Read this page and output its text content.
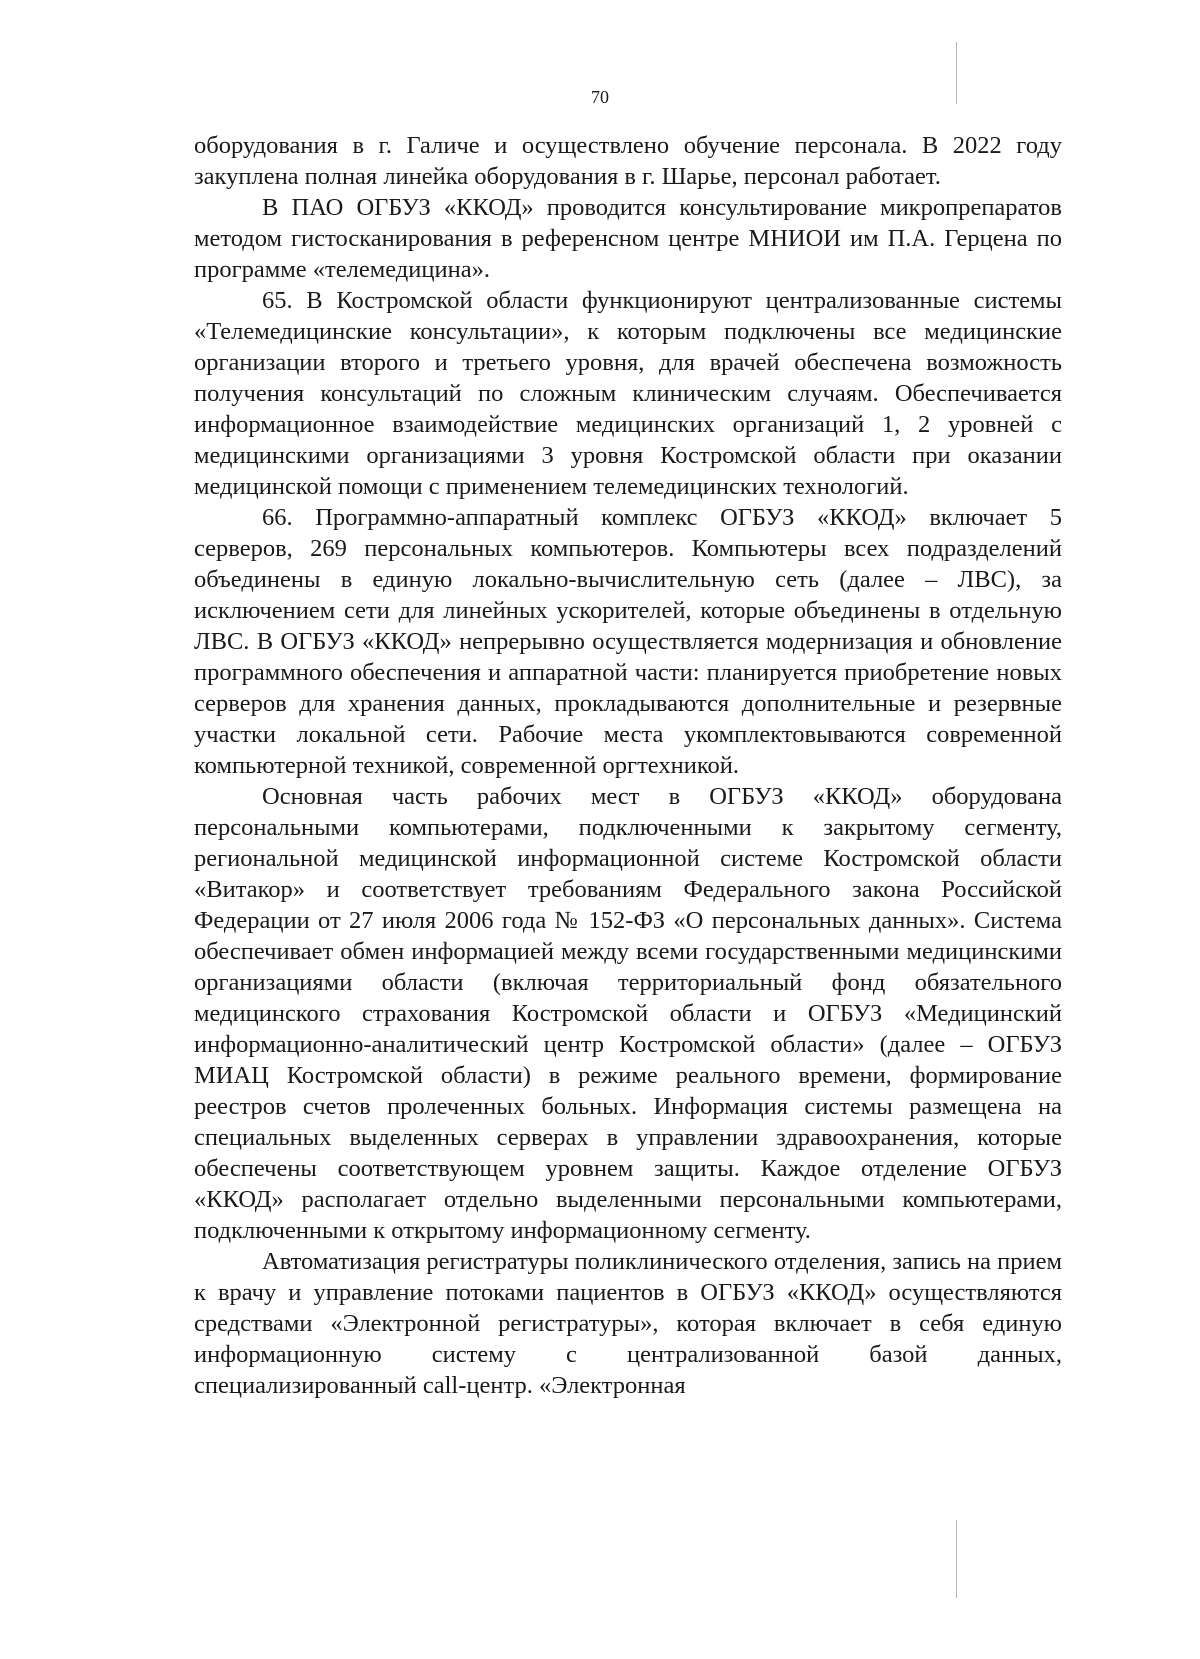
70

оборудования в г. Галиче и осуществлено обучение персонала. В 2022 году закуплена полная линейка оборудования в г. Шарье, персонал работает.

В ПАО ОГБУЗ «ККОД» проводится консультирование микропрепаратов методом гистосканирования в референсном центре МНИОИ им П.А. Герцена по программе «телемедицина».

65. В Костромской области функционируют централизованные системы «Телемедицинские консультации», к которым подключены все медицинские организации второго и третьего уровня, для врачей обеспечена возможность получения консультаций по сложным клиническим случаям. Обеспечивается информационное взаимодействие медицинских организаций 1, 2 уровней с медицинскими организациями 3 уровня Костромской области при оказании медицинской помощи с применением телемедицинских технологий.

66. Программно-аппаратный комплекс ОГБУЗ «ККОД» включает 5 серверов, 269 персональных компьютеров. Компьютеры всех подразделений объединены в единую локально-вычислительную сеть (далее – ЛВС), за исключением сети для линейных ускорителей, которые объединены в отдельную ЛВС. В ОГБУЗ «ККОД» непрерывно осуществляется модернизация и обновление программного обеспечения и аппаратной части: планируется приобретение новых серверов для хранения данных, прокладываются дополнительные и резервные участки локальной сети. Рабочие места укомплектовываются современной компьютерной техникой, современной оргтехникой.

Основная часть рабочих мест в ОГБУЗ «ККОД» оборудована персональными компьютерами, подключенными к закрытому сегменту, региональной медицинской информационной системе Костромской области «Витакор» и соответствует требованиям Федерального закона Российской Федерации от 27 июля 2006 года № 152-ФЗ «О персональных данных». Система обеспечивает обмен информацией между всеми государственными медицинскими организациями области (включая территориальный фонд обязательного медицинского страхования Костромской области и ОГБУЗ «Медицинский информационно-аналитический центр Костромской области» (далее – ОГБУЗ МИАЦ Костромской области) в режиме реального времени, формирование реестров счетов пролеченных больных. Информация системы размещена на специальных выделенных серверах в управлении здравоохранения, которые обеспечены соответствующем уровнем защиты. Каждое отделение ОГБУЗ «ККОД» располагает отдельно выделенными персональными компьютерами, подключенными к открытому информационному сегменту.

Автоматизация регистратуры поликлинического отделения, запись на прием к врачу и управление потоками пациентов в ОГБУЗ «ККОД» осуществляются средствами «Электронной регистратуры», которая включает в себя единую информационную систему с централизованной базой данных, специализированный call-центр. «Электронная
